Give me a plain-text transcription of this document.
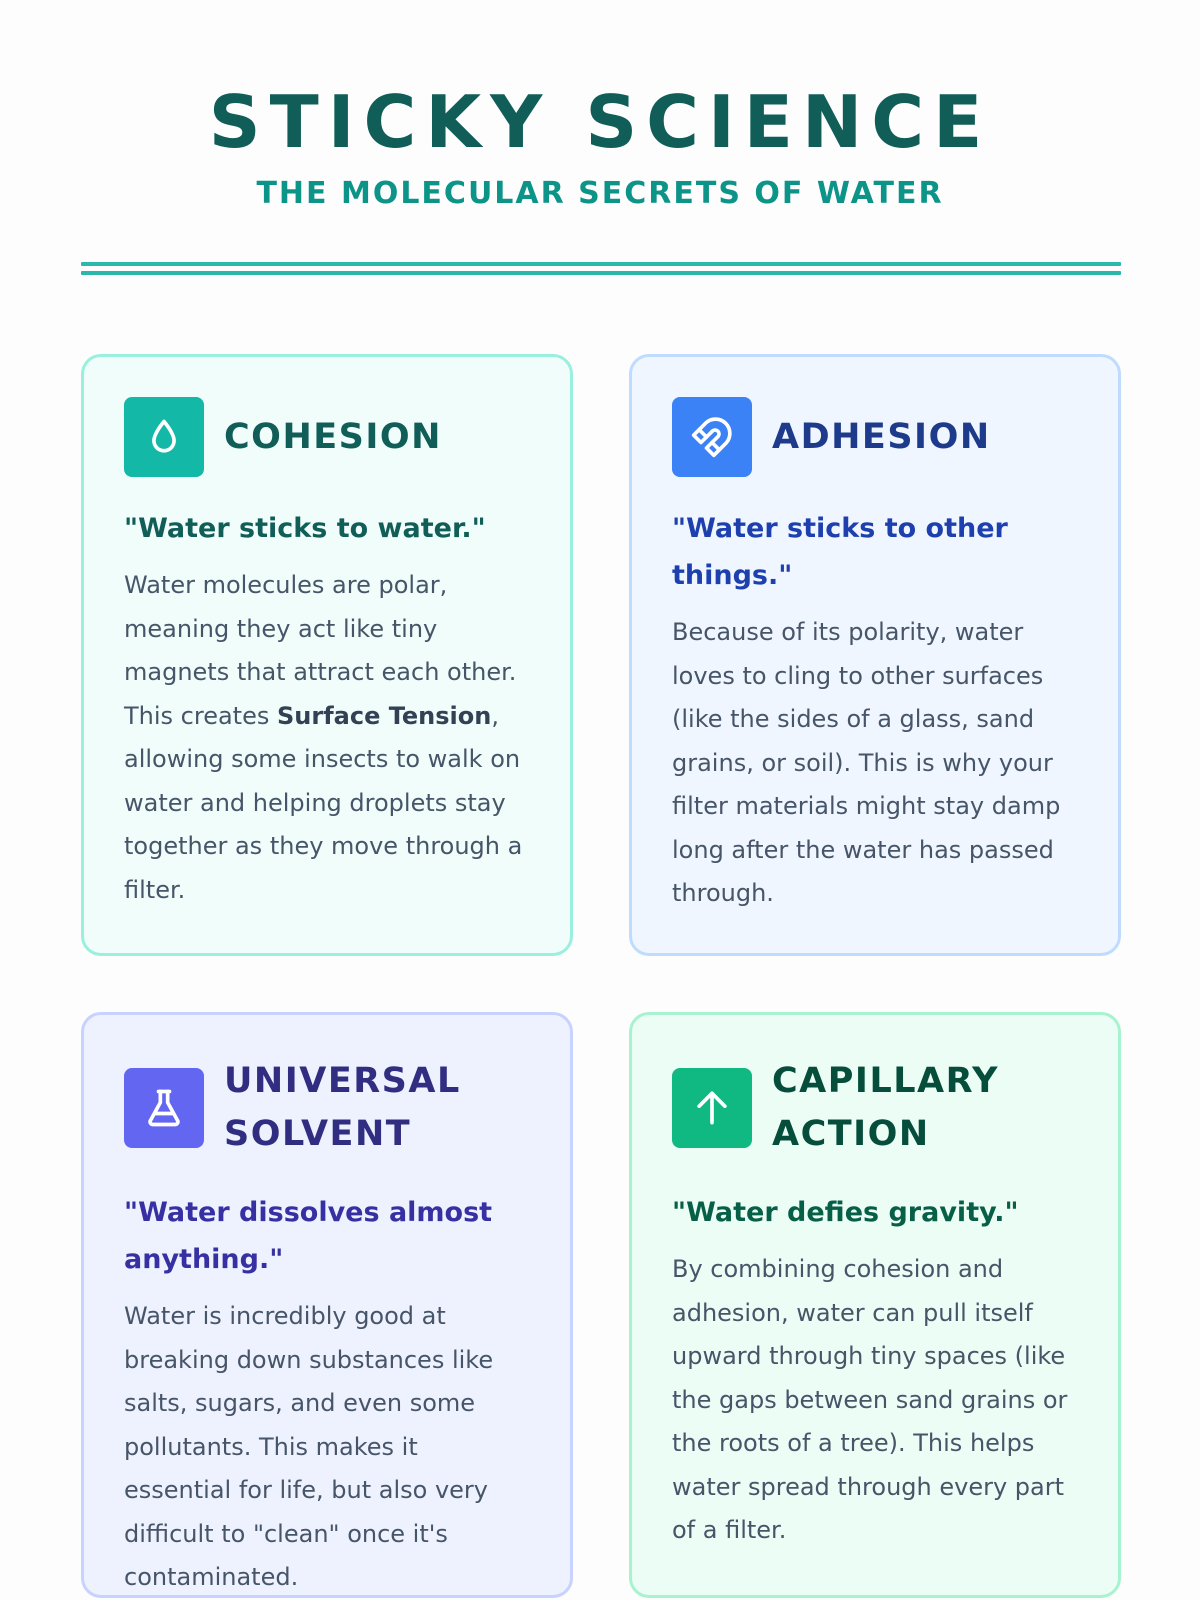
STICKY SCIENCE
THE MOLECULAR SECRETS OF WATER
COHESION
"Water sticks to water."
Water molecules are polar, meaning they act like tiny magnets that attract each other. This creates Surface Tension, allowing some insects to walk on water and helping droplets stay together as they move through a filter.
ADHESION
"Water sticks to other things."
Because of its polarity, water loves to cling to other surfaces (like the sides of a glass, sand grains, or soil). This is why your filter materials might stay damp long after the water has passed through.
UNIVERSAL SOLVENT
"Water dissolves almost anything."
Water is incredibly good at breaking down substances like salts, sugars, and even some pollutants. This makes it essential for life, but also very difficult to "clean" once it's contaminated.
CAPILLARY ACTION
"Water defies gravity."
By combining cohesion and adhesion, water can pull itself upward through tiny spaces (like the gaps between sand grains or the roots of a tree). This helps water spread through every part of a filter.
